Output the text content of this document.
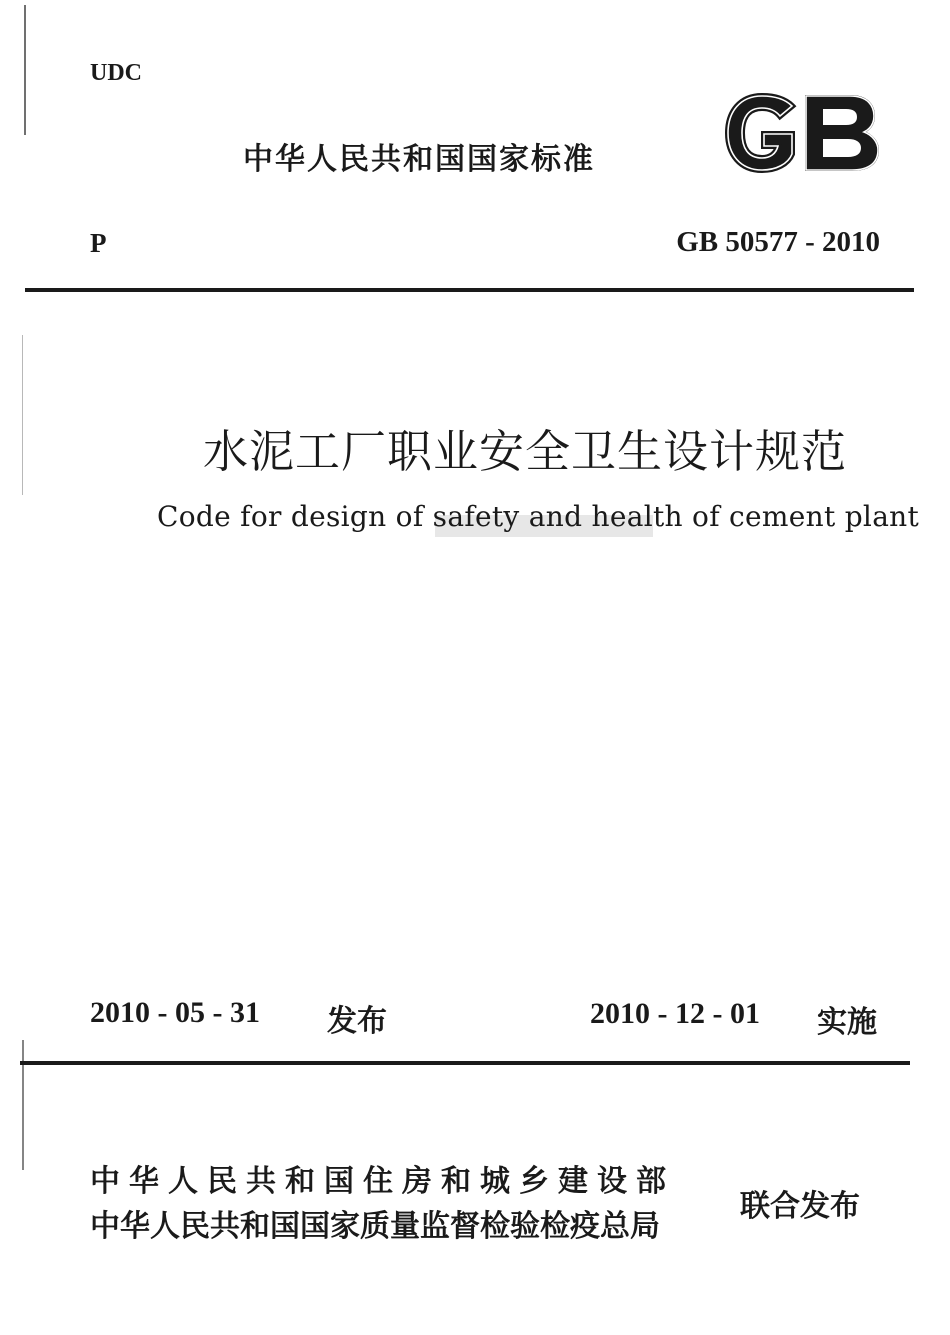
UDC
中华人民共和国国家标准
P	GB 50577 - 2010
水泥工厂职业安全卫生设计规范
Code for design of safety and health of cement plant
2010 - 05 - 31 发布	2010 - 12 - 01 实施
中华人民共和国住房和城乡建设部
中华人民共和国国家质量监督检验检疫总局
联合发布
